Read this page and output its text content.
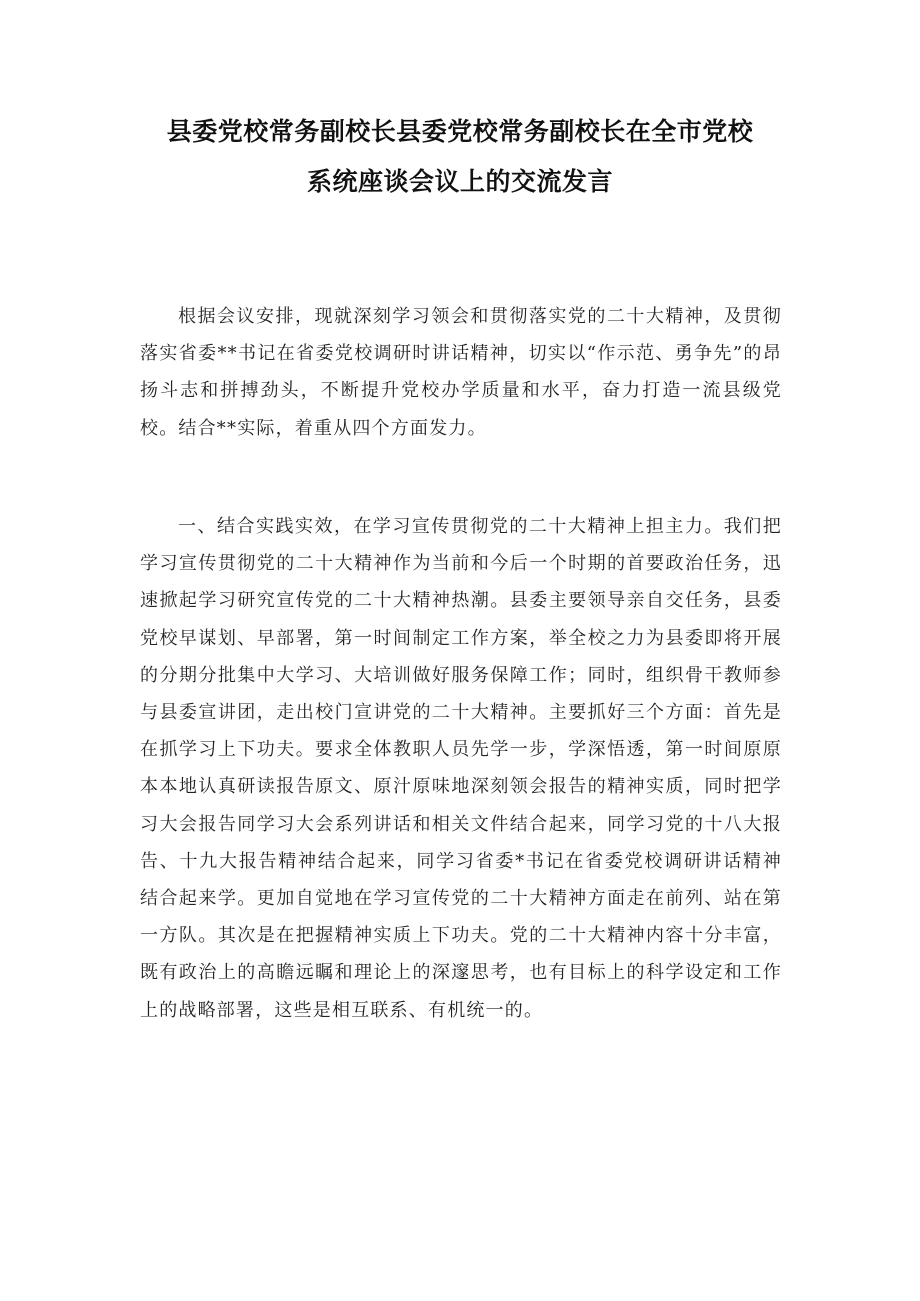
县委党校常务副校长县委党校常务副校长在全市党校
系统座谈会议上的交流发言

根据会议安排，现就深刻学习领会和贯彻落实党的二十大精神，及贯彻落实省委**书记在省委党校调研时讲话精神，切实以“作示范、勇争先”的昂扬斗志和拼搏劲头，不断提升党校办学质量和水平，奋力打造一流县级党校。结合**实际，着重从四个方面发力。

一、结合实践实效，在学习宣传贯彻党的二十大精神上担主力。我们把学习宣传贯彻党的二十大精神作为当前和今后一个时期的首要政治任务，迅速掀起学习研究宣传党的二十大精神热潮。县委主要领导亲自交任务，县委党校早谋划、早部署，第一时间制定工作方案，举全校之力为县委即将开展的分期分批集中大学习、大培训做好服务保障工作；同时，组织骨干教师参与县委宣讲团，走出校门宣讲党的二十大精神。主要抓好三个方面：首先是在抓学习上下功夫。要求全体教职人员先学一步，学深悟透，第一时间原原本本地认真研读报告原文、原汁原味地深刻领会报告的精神实质，同时把学习大会报告同学习大会系列讲话和相关文件结合起来，同学习党的十八大报告、十九大报告精神结合起来，同学习省委*书记在省委党校调研讲话精神结合起来学。更加自觉地在学习宣传党的二十大精神方面走在前列、站在第一方队。其次是在把握精神实质上下功夫。党的二十大精神内容十分丰富，既有政治上的高瞻远瞩和理论上的深邃思考，也有目标上的科学设定和工作上的战略部署，这些是相互联系、有机统一的。
